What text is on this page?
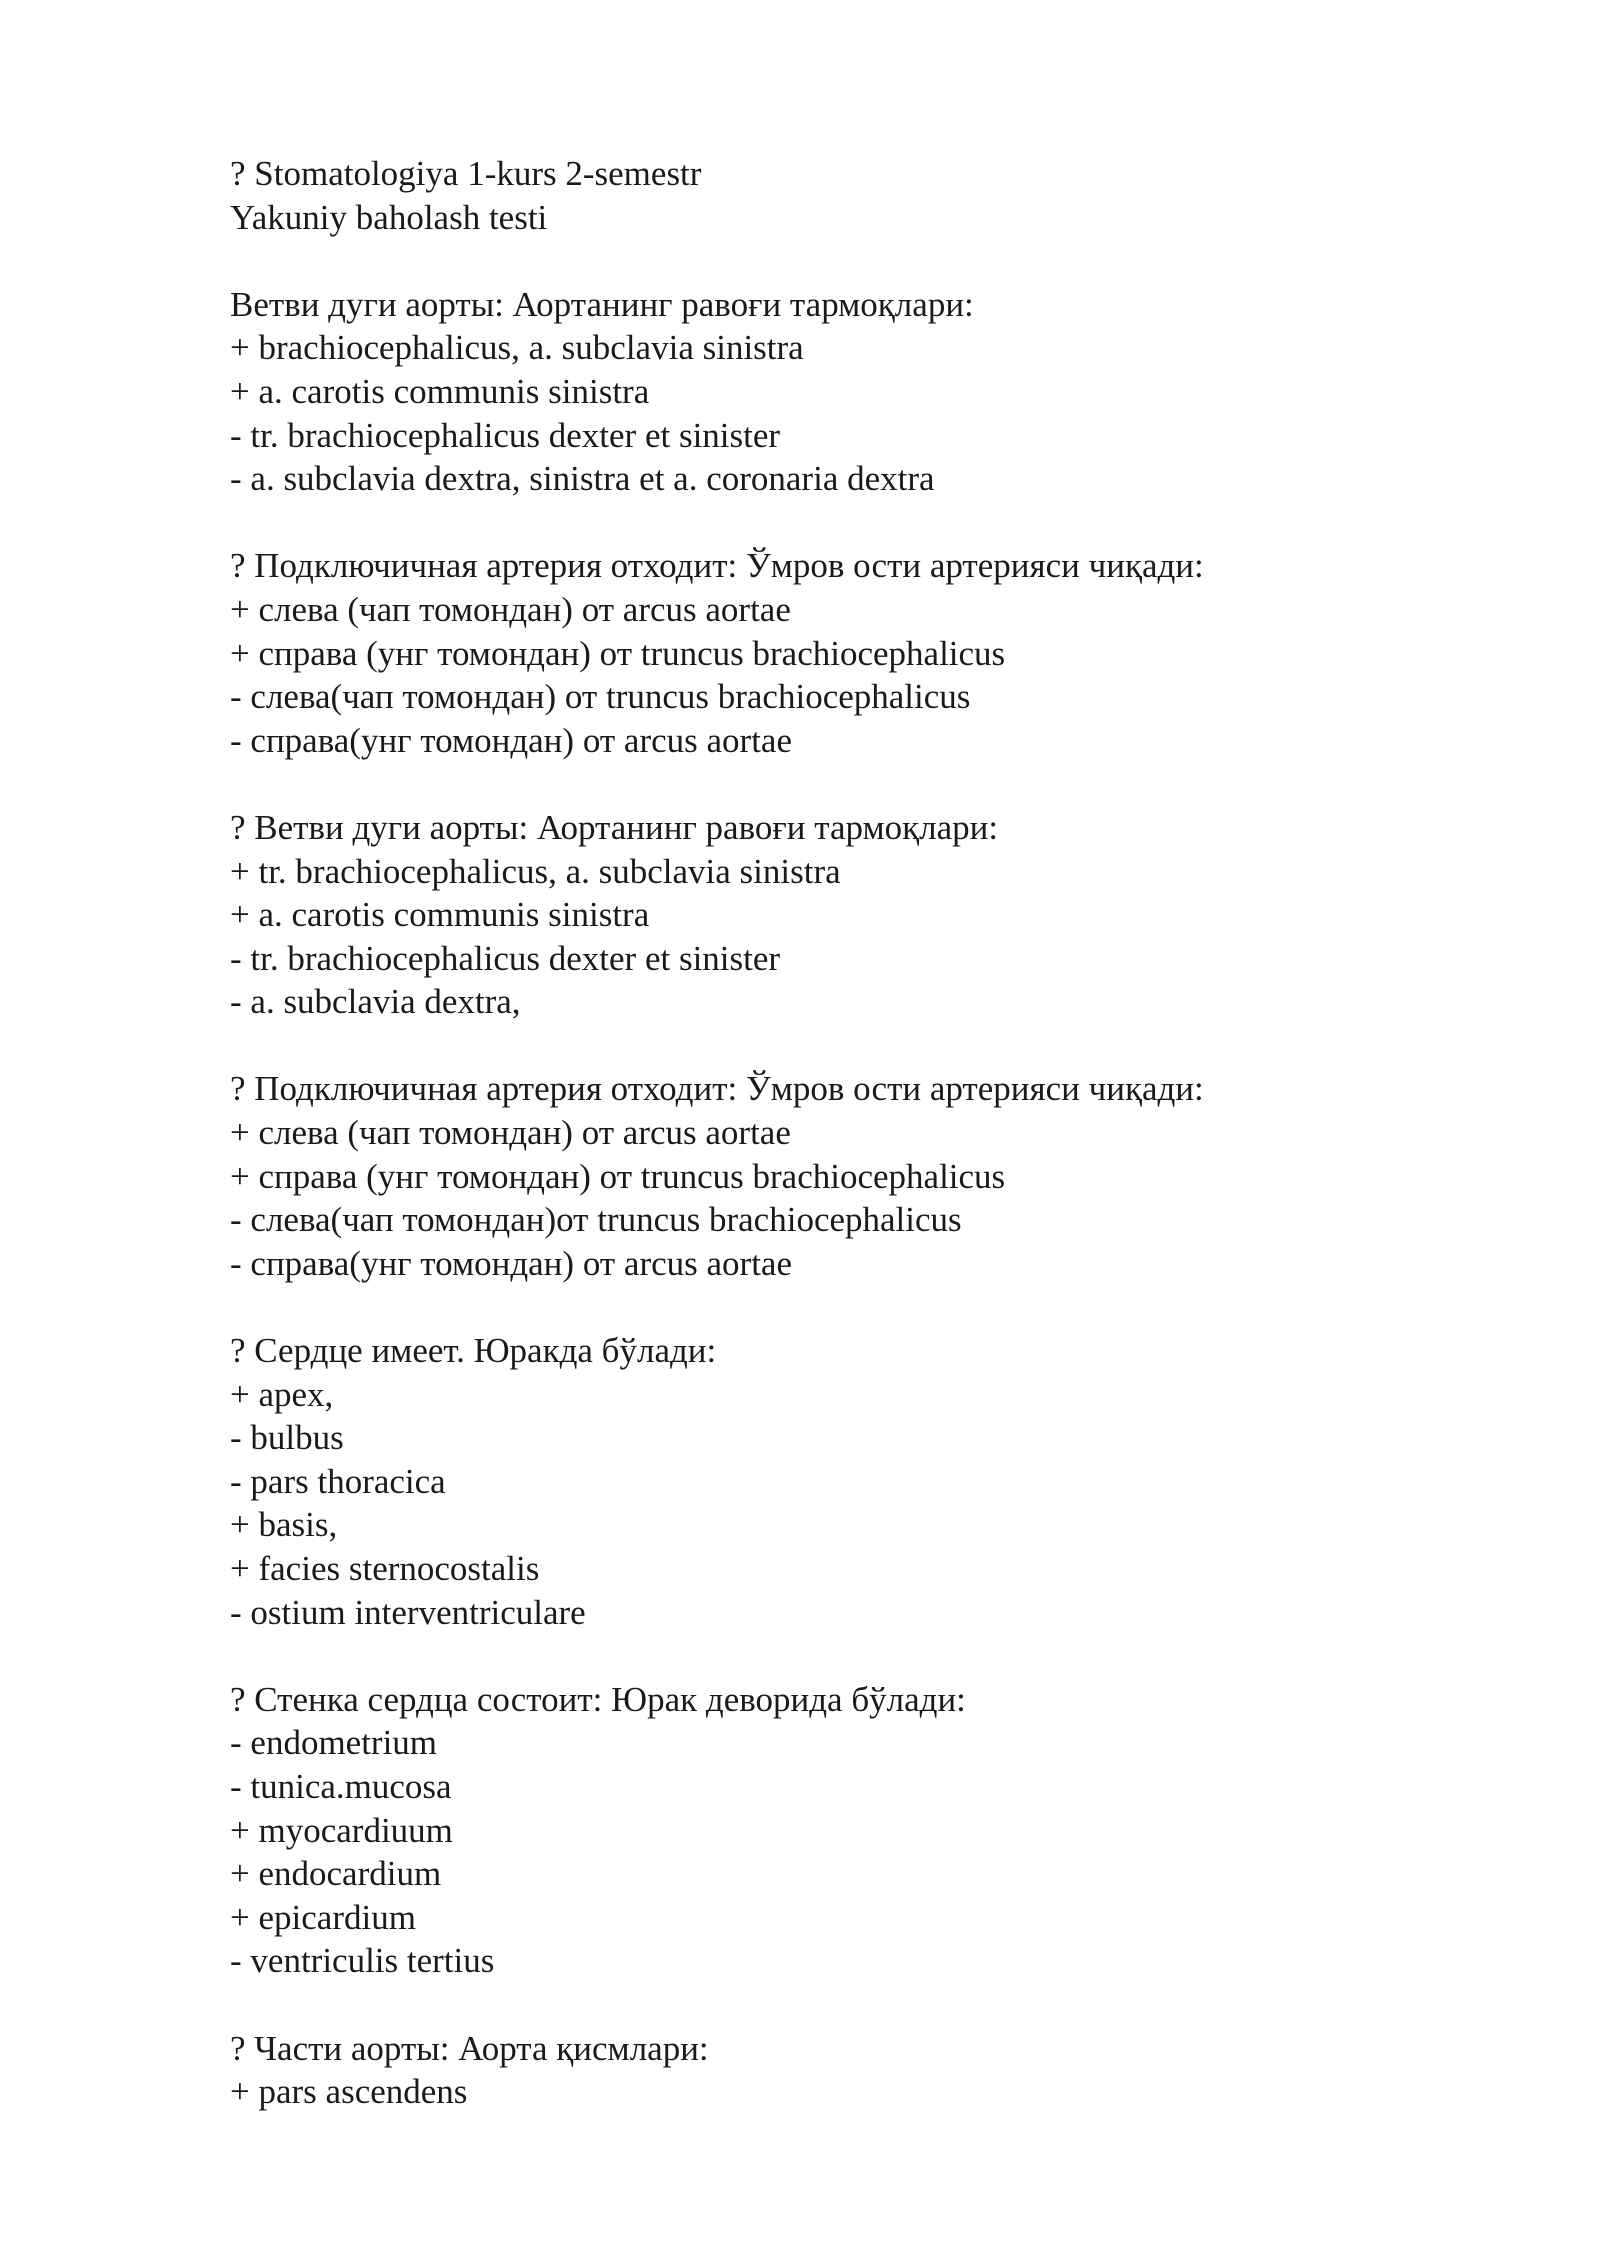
? Stomatologiya 1-kurs 2-semestr
Yakuniy baholash testi
Ветви дуги аорты: Аортанинг равоғи тармоқлари:
+ brachiocephalicus, a. subclavia sinistra
+ a. carotis communis sinistra
- tr. brachiocephalicus dexter et sinister
- a. subclavia dextra, sinistra et a. coronaria dextra
? Подключичная артерия отходит: Ўмров ости артерияси чиқади:
+ слева (чап томондан) от arcus aortae
+ справа (унг томондан) от truncus brachiocephalicus
- слева(чап томондан) от truncus brachiocephalicus
- справа(унг томондан) от arcus aortae
? Ветви дуги аорты: Аортанинг равоғи тармоқлари:
+ tr. brachiocephalicus, a. subclavia sinistra
+ a. carotis communis sinistra
- tr. brachiocephalicus dexter et sinister
- a. subclavia dextra,
? Подключичная артерия отходит: Ўмров ости артерияси чиқади:
+ слева (чап томондан) от arcus aortae
+ справа (унг томондан) от truncus brachiocephalicus
- слева(чап томондан)от truncus brachiocephalicus
- справа(унг томондан) от arcus aortae
? Сердце имеет. Юракда бўлади:
+ apex,
- bulbus
- pars thoracica
+ basis,
+ facies sternocostalis
- ostium interventriculare
? Стенка сердца состоит: Юрак деворида бўлади:
- endometrium
- tunica.mucosa
+ myocardiuum
+ endocardium
+ epicardium
- ventriculis tertius
? Части аорты: Аорта қисмлари:
+ pars ascendens
